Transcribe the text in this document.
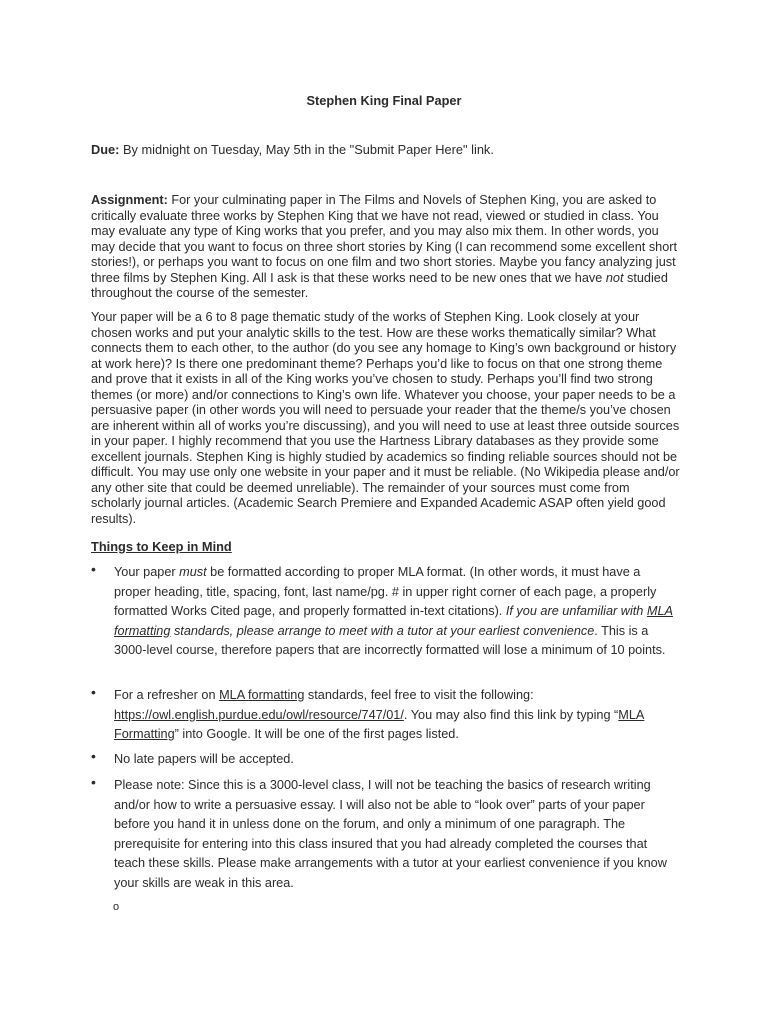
Stephen King Final Paper
Due: By midnight on Tuesday, May 5th in the "Submit Paper Here" link.
Assignment: For your culminating paper in The Films and Novels of Stephen King, you are asked to critically evaluate three works by Stephen King that we have not read, viewed or studied in class. You may evaluate any type of King works that you prefer, and you may also mix them. In other words, you may decide that you want to focus on three short stories by King (I can recommend some excellent short stories!), or perhaps you want to focus on one film and two short stories. Maybe you fancy analyzing just three films by Stephen King. All I ask is that these works need to be new ones that we have not studied throughout the course of the semester.
Your paper will be a 6 to 8 page thematic study of the works of Stephen King. Look closely at your chosen works and put your analytic skills to the test. How are these works thematically similar? What connects them to each other, to the author (do you see any homage to King’s own background or history at work here)? Is there one predominant theme? Perhaps you’d like to focus on that one strong theme and prove that it exists in all of the King works you’ve chosen to study. Perhaps you’ll find two strong themes (or more) and/or connections to King’s own life. Whatever you choose, your paper needs to be a persuasive paper (in other words you will need to persuade your reader that the theme/s you’ve chosen are inherent within all of works you’re discussing), and you will need to use at least three outside sources in your paper. I highly recommend that you use the Hartness Library databases as they provide some excellent journals. Stephen King is highly studied by academics so finding reliable sources should not be difficult. You may use only one website in your paper and it must be reliable. (No Wikipedia please and/or any other site that could be deemed unreliable). The remainder of your sources must come from scholarly journal articles. (Academic Search Premiere and Expanded Academic ASAP often yield good results).
Things to Keep in Mind
• Your paper must be formatted according to proper MLA format. (In other words, it must have a proper heading, title, spacing, font, last name/pg. # in upper right corner of each page, a properly formatted Works Cited page, and properly formatted in-text citations). If you are unfamiliar with MLA formatting standards, please arrange to meet with a tutor at your earliest convenience. This is a 3000-level course, therefore papers that are incorrectly formatted will lose a minimum of 10 points.
• For a refresher on MLA formatting standards, feel free to visit the following: https://owl.english.purdue.edu/owl/resource/747/01/. You may also find this link by typing “MLA Formatting” into Google. It will be one of the first pages listed.
• No late papers will be accepted.
• Please note: Since this is a 3000-level class, I will not be teaching the basics of research writing and/or how to write a persuasive essay. I will also not be able to “look over” parts of your paper before you hand it in unless done on the forum, and only a minimum of one paragraph. The prerequisite for entering into this class insured that you had already completed the courses that teach these skills. Please make arrangements with a tutor at your earliest convenience if you know your skills are weak in this area.
o
